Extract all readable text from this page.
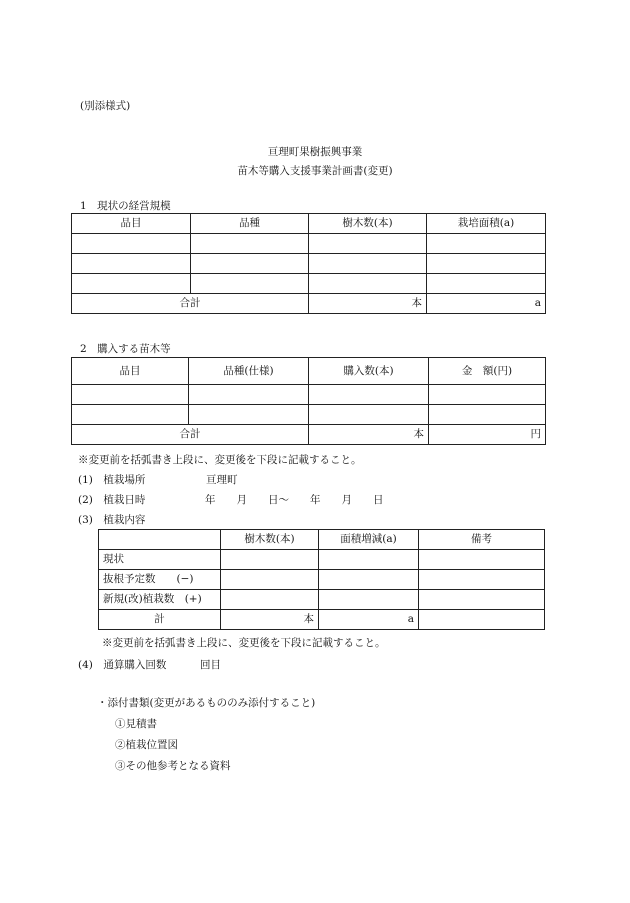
(別添様式)
亘理町果樹振興事業
苗木等購入支援事業計画書(変更)
1　現状の経営規模
品目	品種	樹木数(本)	栽培面積(a)

合計		本	a
2　購入する苗木等
品目	品種(仕様)	購入数(本)	金　額(円)

合計		本	円
※変更前を括弧書き上段に、変更後を下段に記載すること。
(1)　植栽場所	亘理町
(2)　植栽日時	年　　月　　日～　　年　　月　　日
(3)　植栽内容
	樹木数(本)	面積増減(a)	備考
現状			
抜根予定数　　(−)			
新規(改)植栽数　(+)			
計	本	a	
※変更前を括弧書き上段に、変更後を下段に記載すること。
(4)　通算購入回数	回目
・添付書類(変更があるもののみ添付すること)
①見積書
②植栽位置図
③その他参考となる資料
